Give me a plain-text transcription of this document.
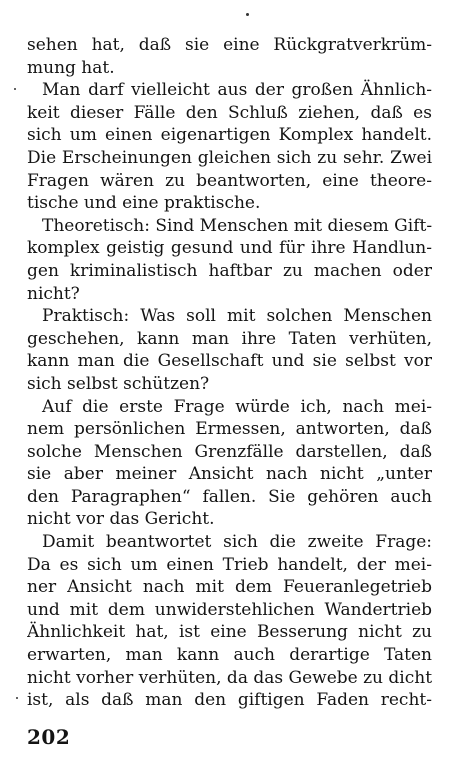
sehen hat, daß sie eine Rückgratverkrüm-
mung hat.
Man darf vielleicht aus der großen Ähnlich-
keit dieser Fälle den Schluß ziehen, daß es
sich um einen eigenartigen Komplex handelt.
Die Erscheinungen gleichen sich zu sehr. Zwei
Fragen wären zu beantworten, eine theore-
tische und eine praktische.
Theoretisch: Sind Menschen mit diesem Gift-
komplex geistig gesund und für ihre Handlun-
gen kriminalistisch haftbar zu machen oder
nicht?
Praktisch: Was soll mit solchen Menschen
geschehen, kann man ihre Taten verhüten,
kann man die Gesellschaft und sie selbst vor
sich selbst schützen?
Auf die erste Frage würde ich, nach mei-
nem persönlichen Ermessen, antworten, daß
solche Menschen Grenzfälle darstellen, daß
sie aber meiner Ansicht nach nicht „unter
den Paragraphen“ fallen. Sie gehören auch
nicht vor das Gericht.
Damit beantwortet sich die zweite Frage:
Da es sich um einen Trieb handelt, der mei-
ner Ansicht nach mit dem Feueranlegetrieb
und mit dem unwiderstehlichen Wandertrieb
Ähnlichkeit hat, ist eine Besserung nicht zu
erwarten, man kann auch derartige Taten
nicht vorher verhüten, da das Gewebe zu dicht
ist, als daß man den giftigen Faden recht-
202
